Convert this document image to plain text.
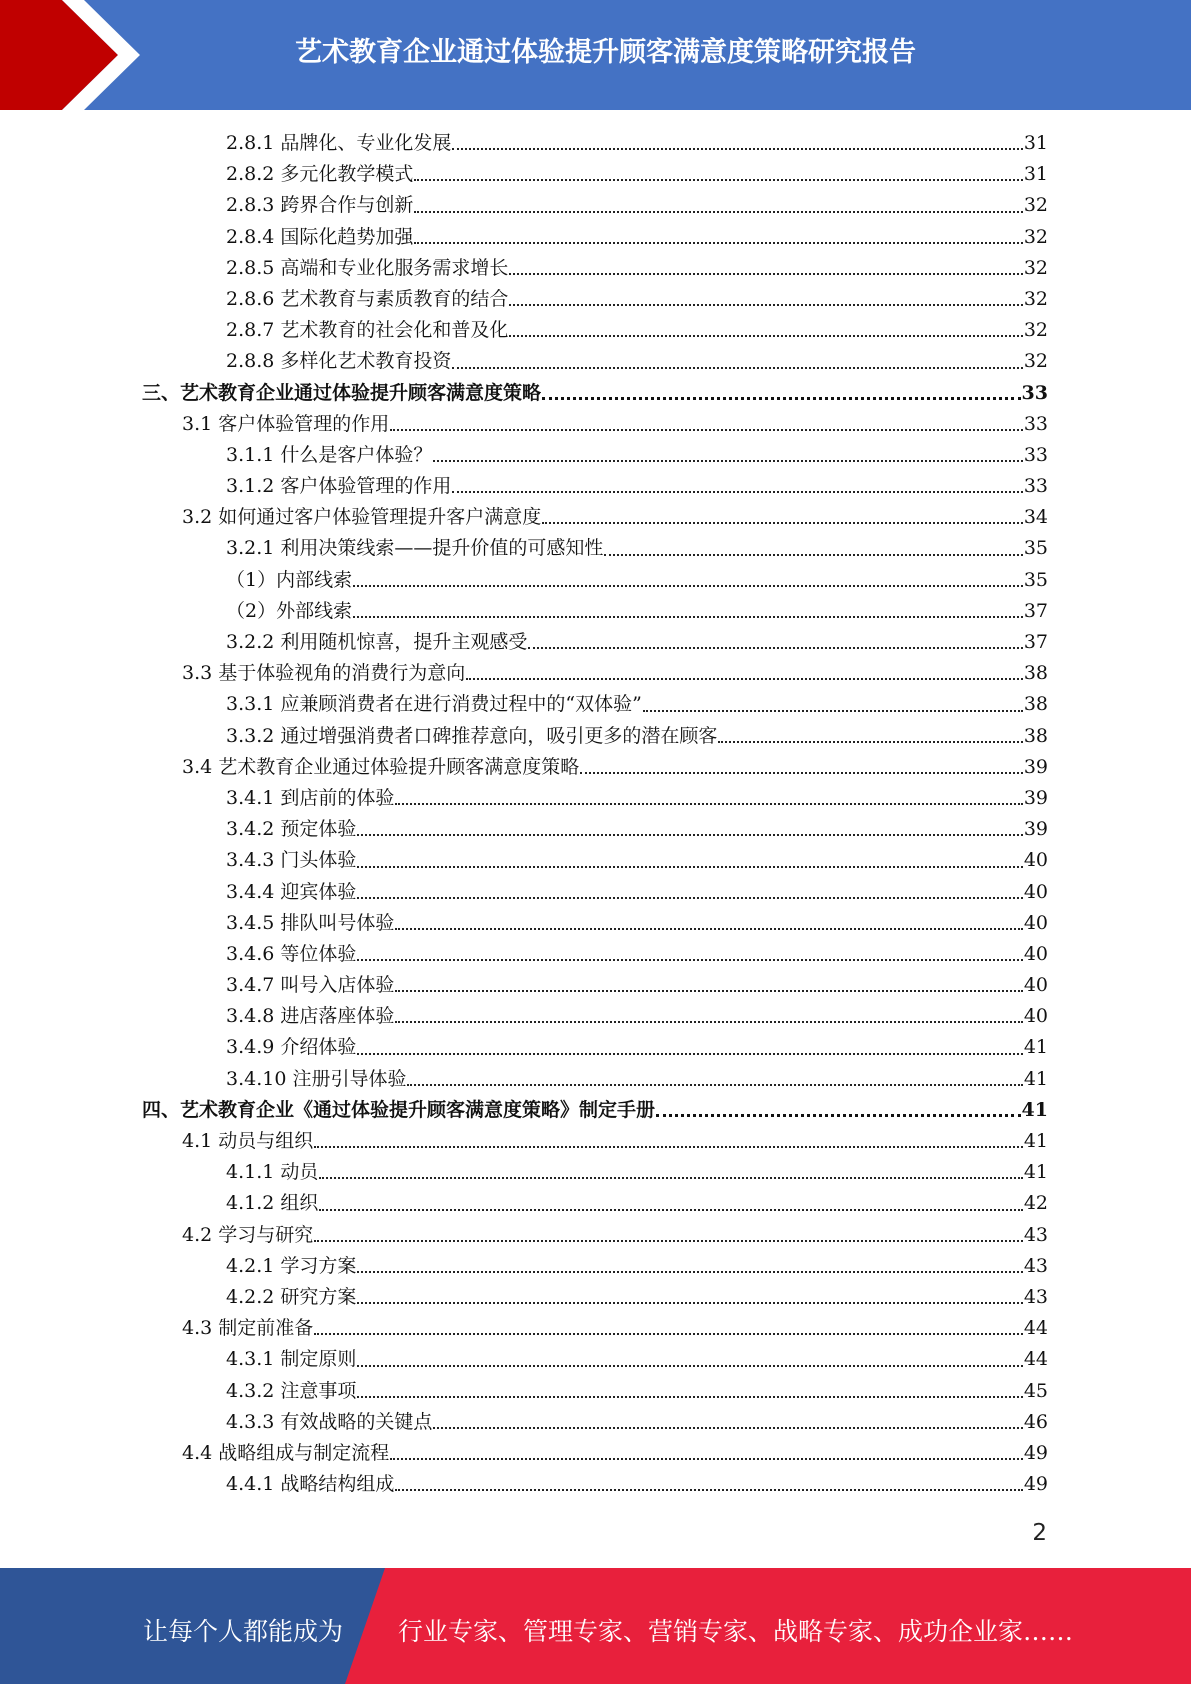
艺术教育企业通过体验提升顾客满意度策略研究报告
2.8.1 品牌化、专业化发展	31
2.8.2 多元化教学模式	31
2.8.3 跨界合作与创新	32
2.8.4 国际化趋势加强	32
2.8.5 高端和专业化服务需求增长	32
2.8.6 艺术教育与素质教育的结合	32
2.8.7 艺术教育的社会化和普及化	32
2.8.8 多样化艺术教育投资	32
三、艺术教育企业通过体验提升顾客满意度策略	33
3.1 客户体验管理的作用	33
3.1.1 什么是客户体验？	33
3.1.2 客户体验管理的作用	33
3.2 如何通过客户体验管理提升客户满意度	34
3.2.1 利用决策线索——提升价值的可感知性	35
（1）内部线索	35
（2）外部线索	37
3.2.2 利用随机惊喜，提升主观感受	37
3.3 基于体验视角的消费行为意向	38
3.3.1 应兼顾消费者在进行消费过程中的“双体验”	38
3.3.2 通过增强消费者口碑推荐意向，吸引更多的潜在顾客	38
3.4 艺术教育企业通过体验提升顾客满意度策略	39
3.4.1 到店前的体验	39
3.4.2 预定体验	39
3.4.3 门头体验	40
3.4.4 迎宾体验	40
3.4.5 排队叫号体验	40
3.4.6 等位体验	40
3.4.7 叫号入店体验	40
3.4.8 进店落座体验	40
3.4.9 介绍体验	41
3.4.10 注册引导体验	41
四、艺术教育企业《通过体验提升顾客满意度策略》制定手册	41
4.1 动员与组织	41
4.1.1 动员	41
4.1.2 组织	42
4.2 学习与研究	43
4.2.1 学习方案	43
4.2.2 研究方案	43
4.3 制定前准备	44
4.3.1 制定原则	44
4.3.2 注意事项	45
4.3.3 有效战略的关键点	46
4.4 战略组成与制定流程	49
4.4.1 战略结构组成	49
2
让每个人都能成为 行业专家、管理专家、营销专家、战略专家、成功企业家……
